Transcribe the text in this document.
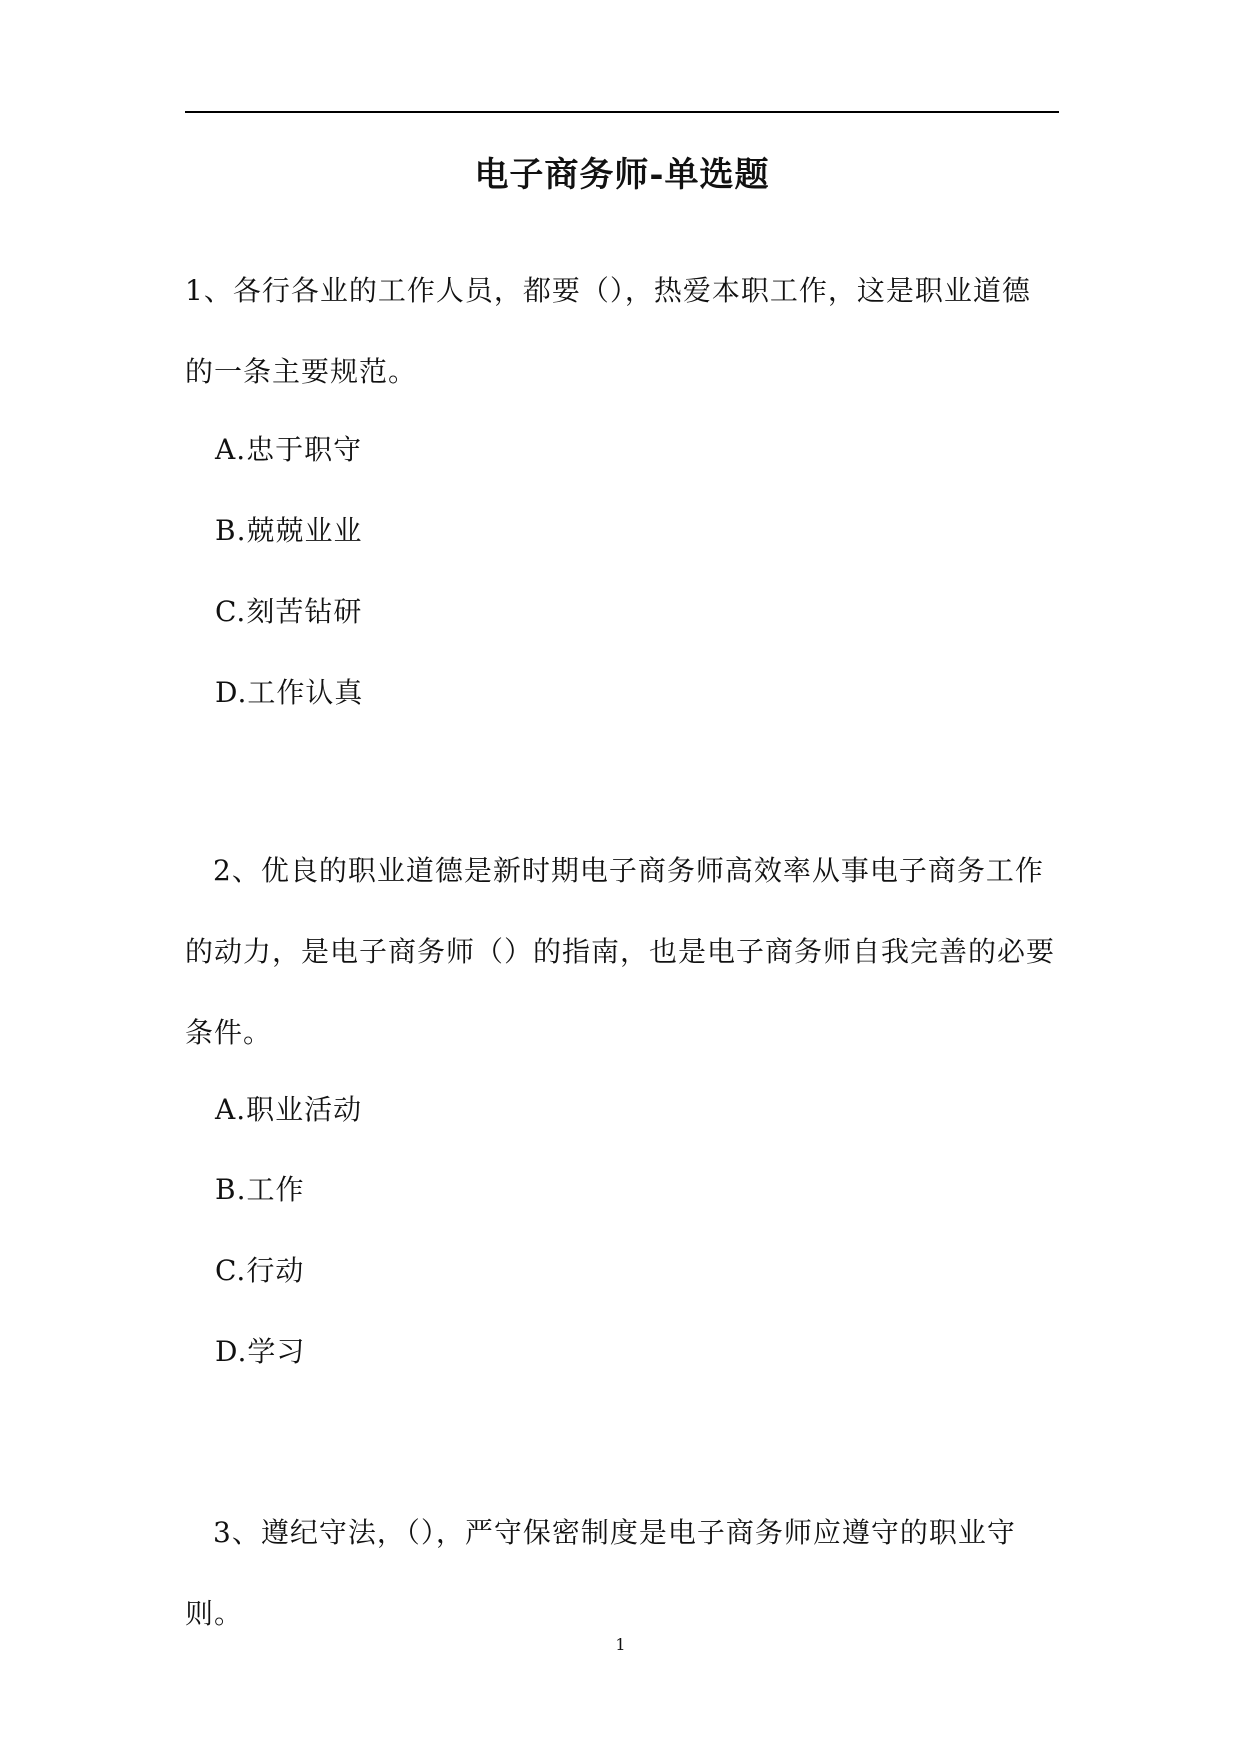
电子商务师-单选题
1、各行各业的工作人员，都要（），热爱本职工作，这是职业道德的一条主要规范。
A.忠于职守
B.兢兢业业
C.刻苦钻研
D.工作认真
2、优良的职业道德是新时期电子商务师高效率从事电子商务工作的动力，是电子商务师（）的指南，也是电子商务师自我完善的必要条件。
A.职业活动
B.工作
C.行动
D.学习
3、遵纪守法，（），严守保密制度是电子商务师应遵守的职业守则。
1
